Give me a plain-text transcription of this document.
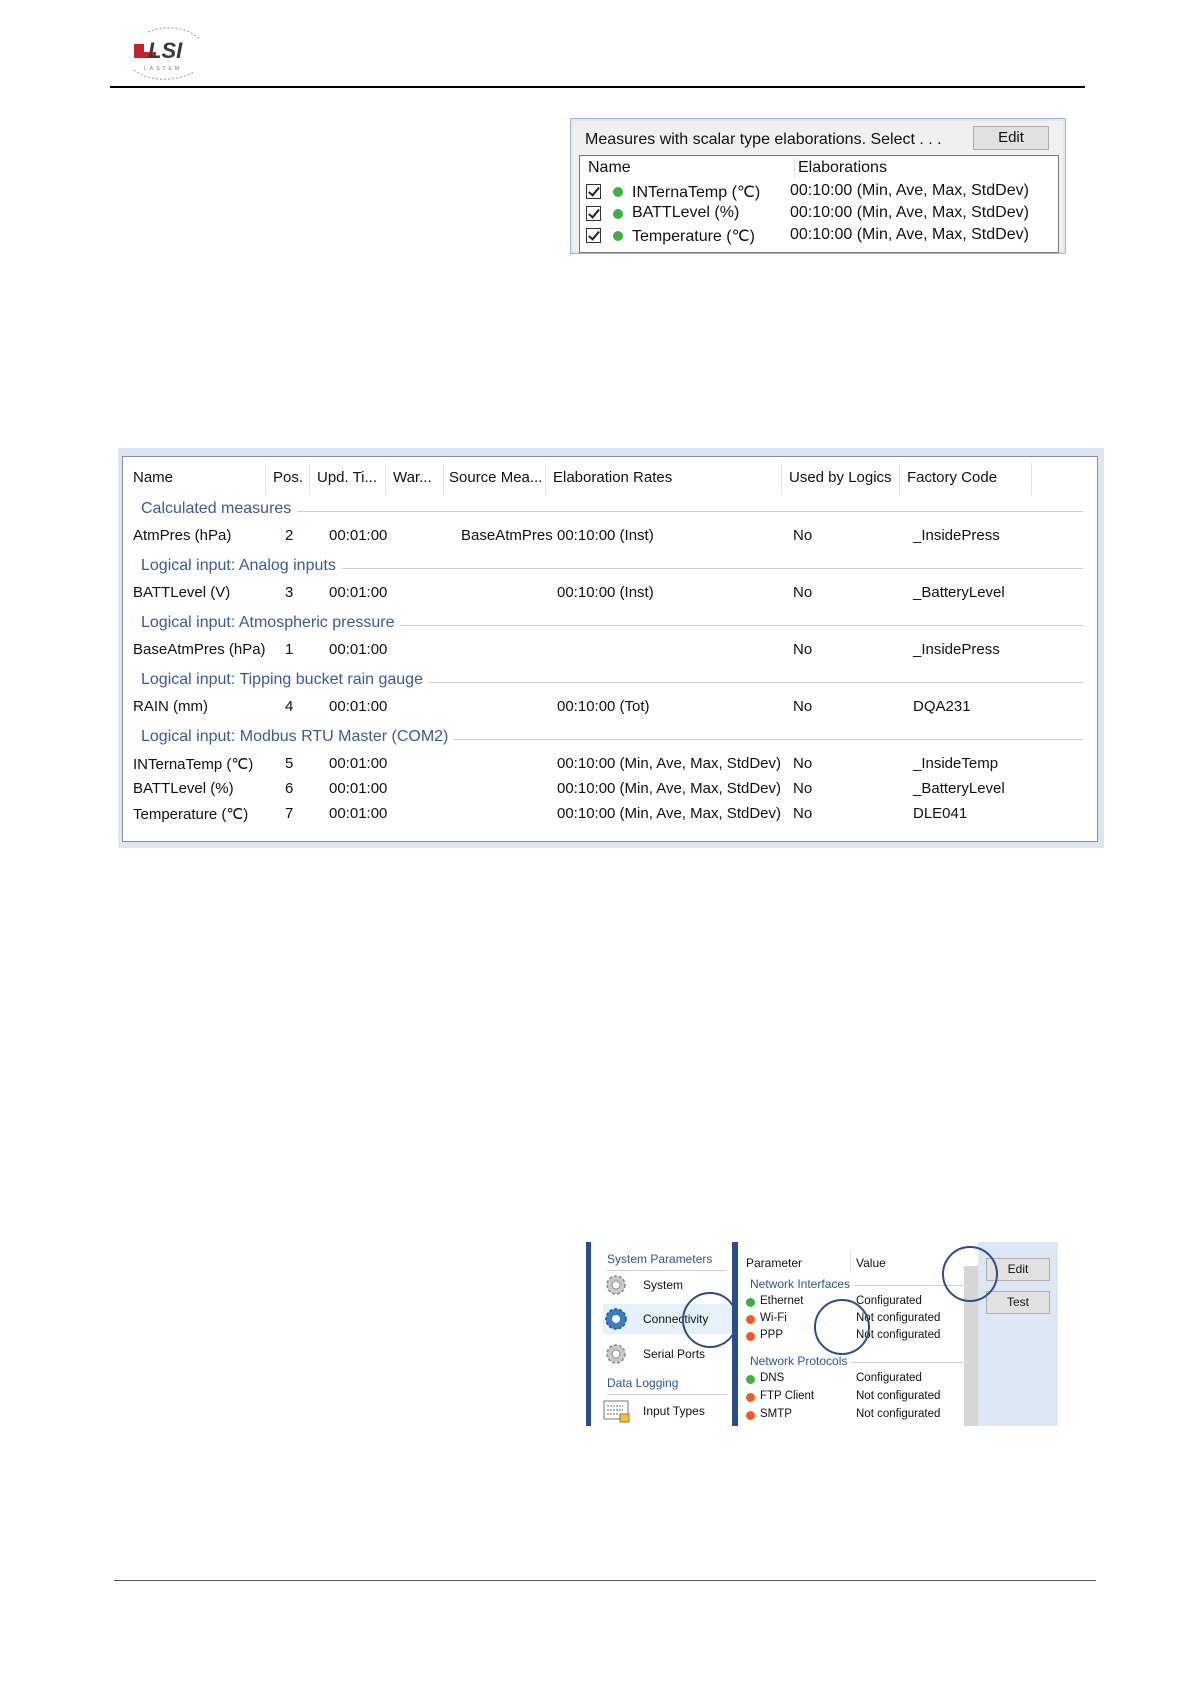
LSI
LASTEM
Measures with scalar type elaborations. Select . . .	Edit
Name	Elaborations
INTernaTemp (℃) 00:10:00 (Min, Ave, Max, StdDev)
BATTLevel (%)	00:10:00 (Min, Ave, Max, StdDev)
Temperature (℃) 00:10:00 (Min, Ave, Max, StdDev)
Name	Pos. Upd. Ti... War... Source Mea... Elaboration Rates	Used by Logics Factory Code
Calculated measures
AtmPres (hPa)	2 00:01:00	BaseAtmPres 00:10:00 (Inst)	No	_InsidePress
Logical input: Analog inputs
BATTLevel (V)	3 00:01:00	00:10:00 (Inst)	No	_BatteryLevel
Logical input: Atmospheric pressure
BaseAtmPres (hPa) 1 00:01:00	No	_InsidePress
Logical input: Tipping bucket rain gauge
RAIN (mm)	4 00:01:00	00:10:00 (Tot)	No	DQA231
Logical input: Modbus RTU Master (COM2)
INTernaTemp (℃) 5 00:01:00	00:10:00 (Min, Ave, Max, StdDev) No	_InsideTemp
BATTLevel (%)	6 00:01:00	00:10:00 (Min, Ave, Max, StdDev) No	_BatteryLevel
Temperature (℃) 7 00:01:00	00:10:00 (Min, Ave, Max, StdDev) No	DLE041
System Parameters
System
Connectivity
Serial Ports
Data Logging
Input Types
Parameter	Value
Network Interfaces
Ethernet	Configurated
Wi-Fi	Not configurated
PPP	Not configurated
Network Protocols
DNS	Configurated
FTP Client	Not configurated
SMTP	Not configurated
Edit
Test
